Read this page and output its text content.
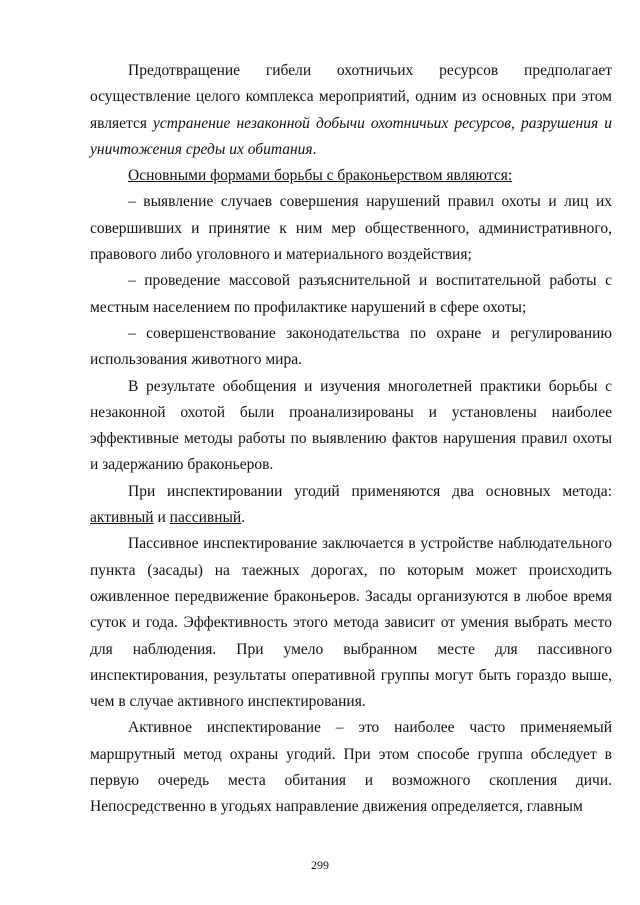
Предотвращение гибели охотничьих ресурсов предполагает осуществление целого комплекса мероприятий, одним из основных при этом является устранение незаконной добычи охотничьих ресурсов, разрушения и уничтожения среды их обитания.

Основными формами борьбы с браконьерством являются:

– выявление случаев совершения нарушений правил охоты и лиц их совершивших и принятие к ним мер общественного, административного, правового либо уголовного и материального воздействия;

– проведение массовой разъяснительной и воспитательной работы с местным населением по профилактике нарушений в сфере охоты;

– совершенствование законодательства по охране и регулированию использования животного мира.

В результате обобщения и изучения многолетней практики борьбы с незаконной охотой были проанализированы и установлены наиболее эффективные методы работы по выявлению фактов нарушения правил охоты и задержанию браконьеров.

При инспектировании угодий применяются два основных метода: активный и пассивный.

Пассивное инспектирование заключается в устройстве наблюдательного пункта (засады) на таежных дорогах, по которым может происходить оживленное передвижение браконьеров. Засады организуются в любое время суток и года. Эффективность этого метода зависит от умения выбрать место для наблюдения. При умело выбранном месте для пассивного инспектирования, результаты оперативной группы могут быть гораздо выше, чем в случае активного инспектирования.

Активное инспектирование – это наиболее часто применяемый маршрутный метод охраны угодий. При этом способе группа обследует в первую очередь места обитания и возможного скопления дичи. Непосредственно в угодьях направление движения определяется, главным

299
